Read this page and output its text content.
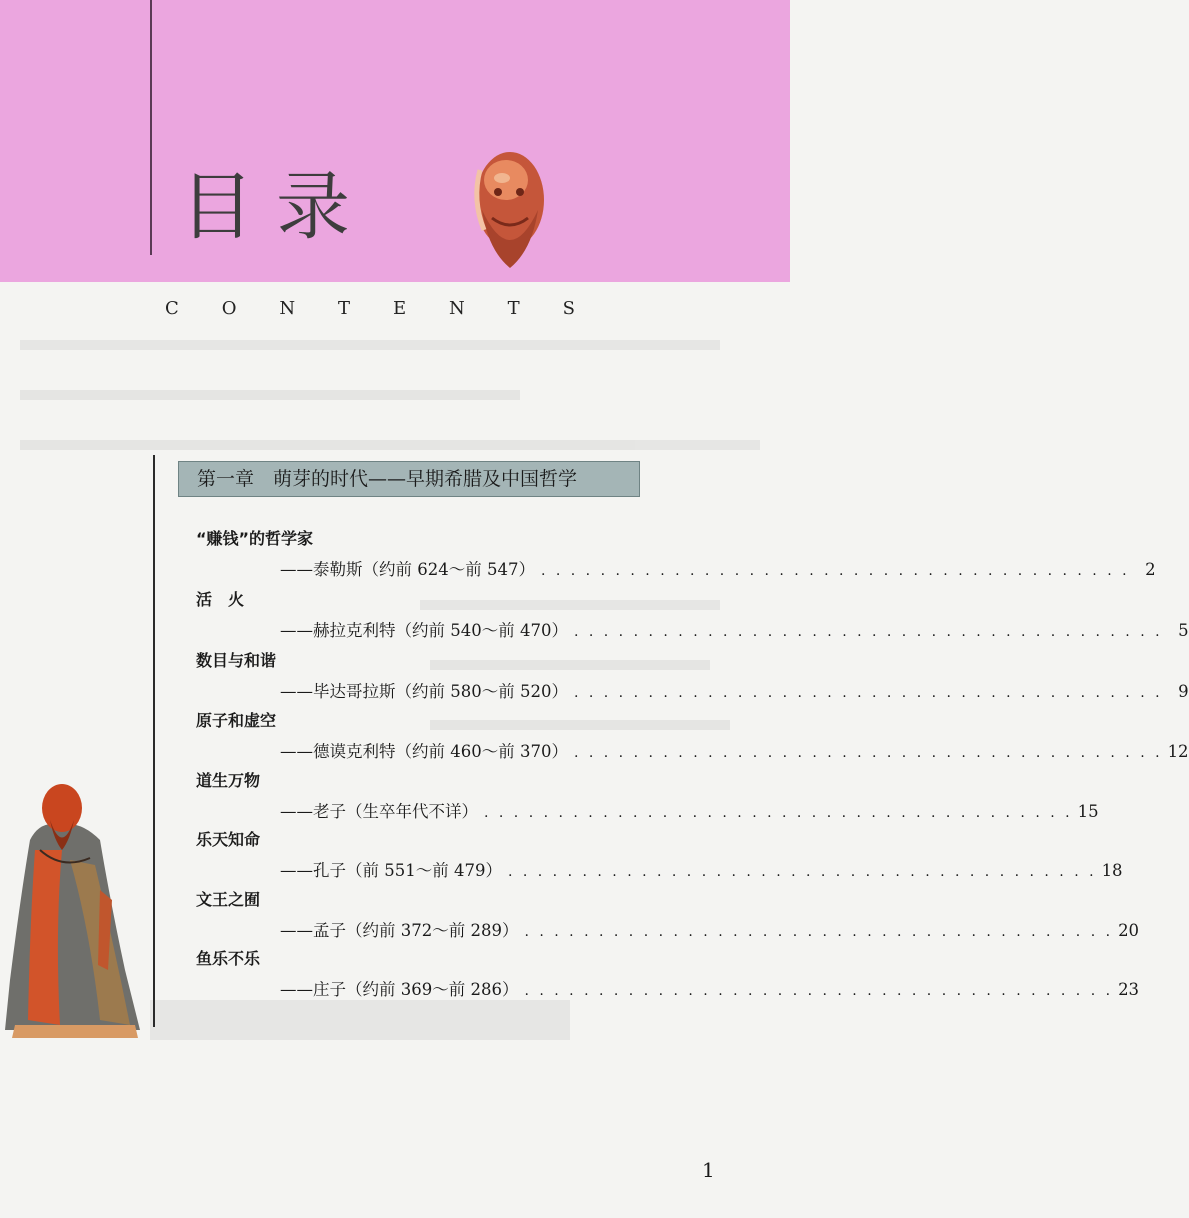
目录
C O N T E N T S
第一章　萌芽的时代——早期希腊及中国哲学
“赚钱”的哲学家
——泰勒斯（约前 624～前 547） . . . . . . . . . . . . . . . . . . . . . . . . . . . . . . . . . . . . . . . . 2
活　火
——赫拉克利特（约前 540～前 470） . . . . . . . . . . . . . . . . . . . . . . . . . . . . . . . . . . . . . . . . 5
数目与和谐
——毕达哥拉斯（约前 580～前 520） . . . . . . . . . . . . . . . . . . . . . . . . . . . . . . . . . . . . . . . . 9
原子和虚空
——德谟克利特（约前 460～前 370） . . . . . . . . . . . . . . . . . . . . . . . . . . . . . . . . . . . . . . . . 12
道生万物
——老子（生卒年代不详） . . . . . . . . . . . . . . . . . . . . . . . . . . . . . . . . . . . . . . . . 15
乐天知命
——孔子（前 551～前 479） . . . . . . . . . . . . . . . . . . . . . . . . . . . . . . . . . . . . . . . . 18
文王之囿
——孟子（约前 372～前 289） . . . . . . . . . . . . . . . . . . . . . . . . . . . . . . . . . . . . . . . . 20
鱼乐不乐
——庄子（约前 369～前 286） . . . . . . . . . . . . . . . . . . . . . . . . . . . . . . . . . . . . . . . . 23
1
